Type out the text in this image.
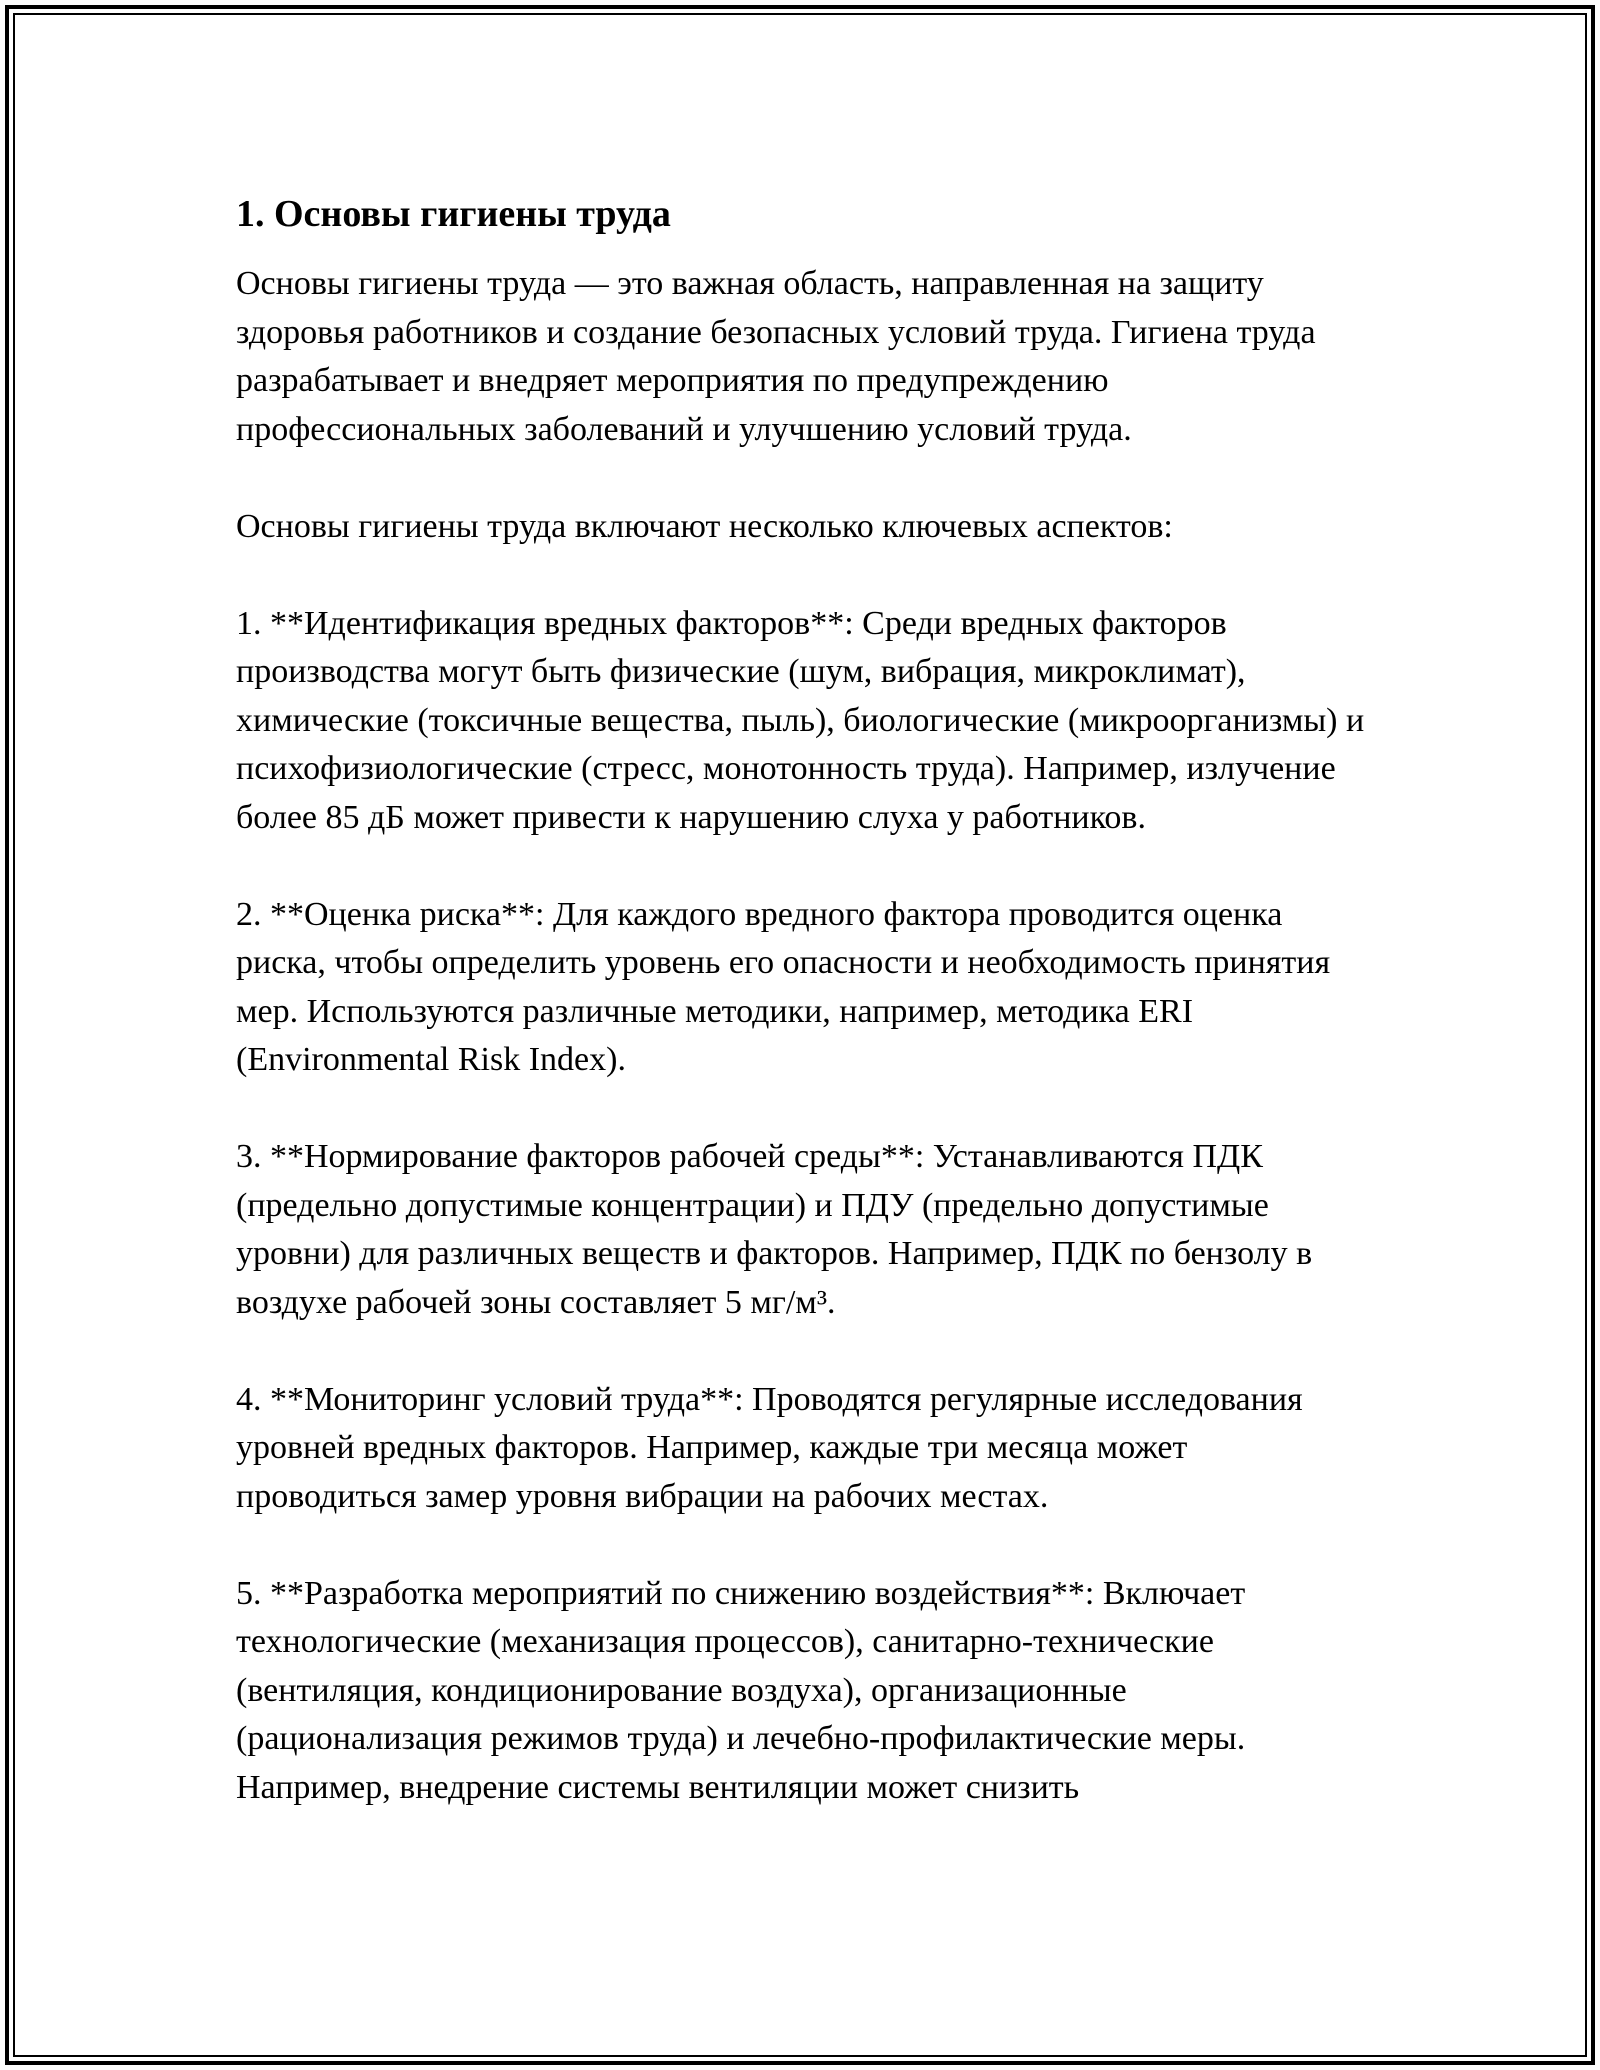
1. Основы гигиены труда

Основы гигиены труда — это важная область, направленная на защиту здоровья работников и создание безопасных условий труда. Гигиена труда разрабатывает и внедряет мероприятия по предупреждению профессиональных заболеваний и улучшению условий труда.

Основы гигиены труда включают несколько ключевых аспектов:

1. **Идентификация вредных факторов**: Среди вредных факторов производства могут быть физические (шум, вибрация, микроклимат), химические (токсичные вещества, пыль), биологические (микроорганизмы) и психофизиологические (стресс, монотонность труда). Например, излучение более 85 дБ может привести к нарушению слуха у работников.

2. **Оценка риска**: Для каждого вредного фактора проводится оценка риска, чтобы определить уровень его опасности и необходимость принятия мер. Используются различные методики, например, методика ERI (Environmental Risk Index).

3. **Нормирование факторов рабочей среды**: Устанавливаются ПДК (предельно допустимые концентрации) и ПДУ (предельно допустимые уровни) для различных веществ и факторов. Например, ПДК по бензолу в воздухе рабочей зоны составляет 5 мг/м³.

4. **Мониторинг условий труда**: Проводятся регулярные исследования уровней вредных факторов. Например, каждые три месяца может проводиться замер уровня вибрации на рабочих местах.

5. **Разработка мероприятий по снижению воздействия**: Включает технологические (механизация процессов), санитарно-технические (вентиляция, кондиционирование воздуха), организационные (рационализация режимов труда) и лечебно-профилактические меры. Например, внедрение системы вентиляции может снизить
